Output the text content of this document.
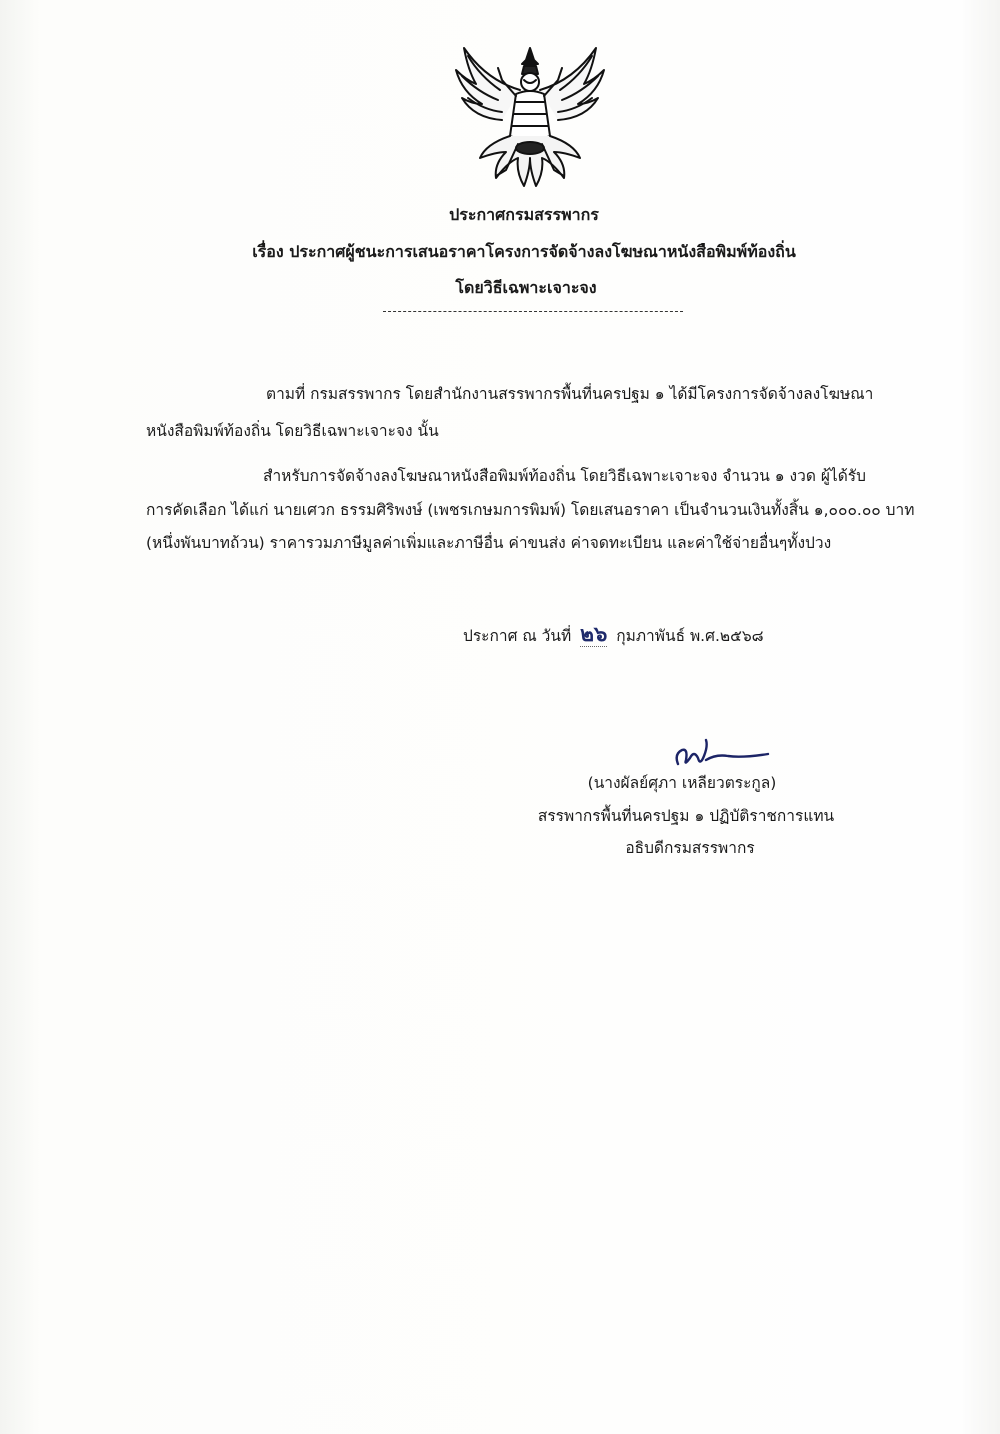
ประกาศกรมสรรพากร
เรื่อง ประกาศผู้ชนะการเสนอราคาโครงการจัดจ้างลงโฆษณาหนังสือพิมพ์ท้องถิ่น
โดยวิธีเฉพาะเจาะจง
ตามที่ กรมสรรพากร โดยสำนักงานสรรพากรพื้นที่นครปฐม ๑ ได้มีโครงการจัดจ้างลงโฆษณา
หนังสือพิมพ์ท้องถิ่น โดยวิธีเฉพาะเจาะจง นั้น
สำหรับการจัดจ้างลงโฆษณาหนังสือพิมพ์ท้องถิ่น โดยวิธีเฉพาะเจาะจง จำนวน ๑ งวด ผู้ได้รับ
การคัดเลือก ได้แก่ นายเศวก ธรรมศิริพงษ์ (เพชรเกษมการพิมพ์) โดยเสนอราคา เป็นจำนวนเงินทั้งสิ้น ๑,๐๐๐.๐๐ บาท
(หนึ่งพันบาทถ้วน) ราคารวมภาษีมูลค่าเพิ่มและภาษีอื่น ค่าขนส่ง ค่าจดทะเบียน และค่าใช้จ่ายอื่นๆทั้งปวง
ประกาศ ณ วันที่ ๒๖ กุมภาพันธ์ พ.ศ.๒๕๖๘
(นางผัลย์ศุภา เหลียวตระกูล)
สรรพากรพื้นที่นครปฐม ๑ ปฏิบัติราชการแทน
อธิบดีกรมสรรพากร
